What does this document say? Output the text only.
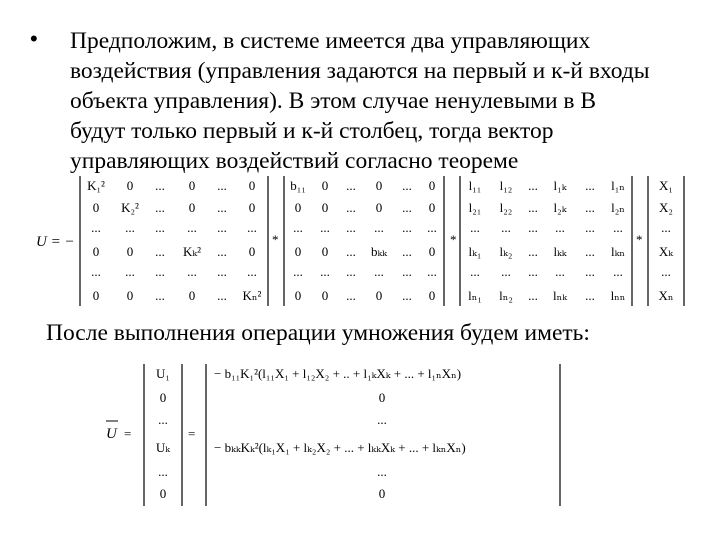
• Предположим, в системе имеется два управляющих
воздействия (управления задаются на первый и к-й входы
объекта управления). В этом случае ненулевыми в В
будут только первый и к-й столбец, тогда вектор
управляющих воздействий согласно теореме
U = −
K₁² 0 ... 0 ... 0
0 K₂² ... 0 ... 0
... ... ... ... ... ...
0 0 ... Kₖ² ... 0
... ... ... ... ... ...
0 0 ... 0 ... Kₙ²
*
b₁₁ 0 ... 0 ... 0
0 0 ... 0 ... 0
... ... ... ... ... ...
0 0 ... bₖₖ ... 0
... ... ... ... ... ...
0 0 ... 0 ... 0
*
l₁₁ l₁₂ ... l₁ₖ ... l₁ₙ
l₂₁ l₂₂ ... l₂ₖ ... l₂ₙ
... ... ... ... ... ...
lₖ₁ lₖ₂ ... lₖₖ ... lₖₙ
... ... ... ... ... ...
lₙ₁ lₙ₂ ... lₙₖ ... lₙₙ
*
X₁
X₂
...
Xₖ
...
Xₙ
После выполнения операции умножения будем иметь:
U =
U₁
0
...
Uₖ
...
0
=
− b₁₁K₁²(l₁₁X₁ + l₁₂X₂ + .. + l₁ₖXₖ + ... + l₁ₙXₙ)
0
...
− bₖₖKₖ²(lₖ₁X₁ + lₖ₂X₂ + ... + lₖₖXₖ + ... + lₖₙXₙ)
...
0
